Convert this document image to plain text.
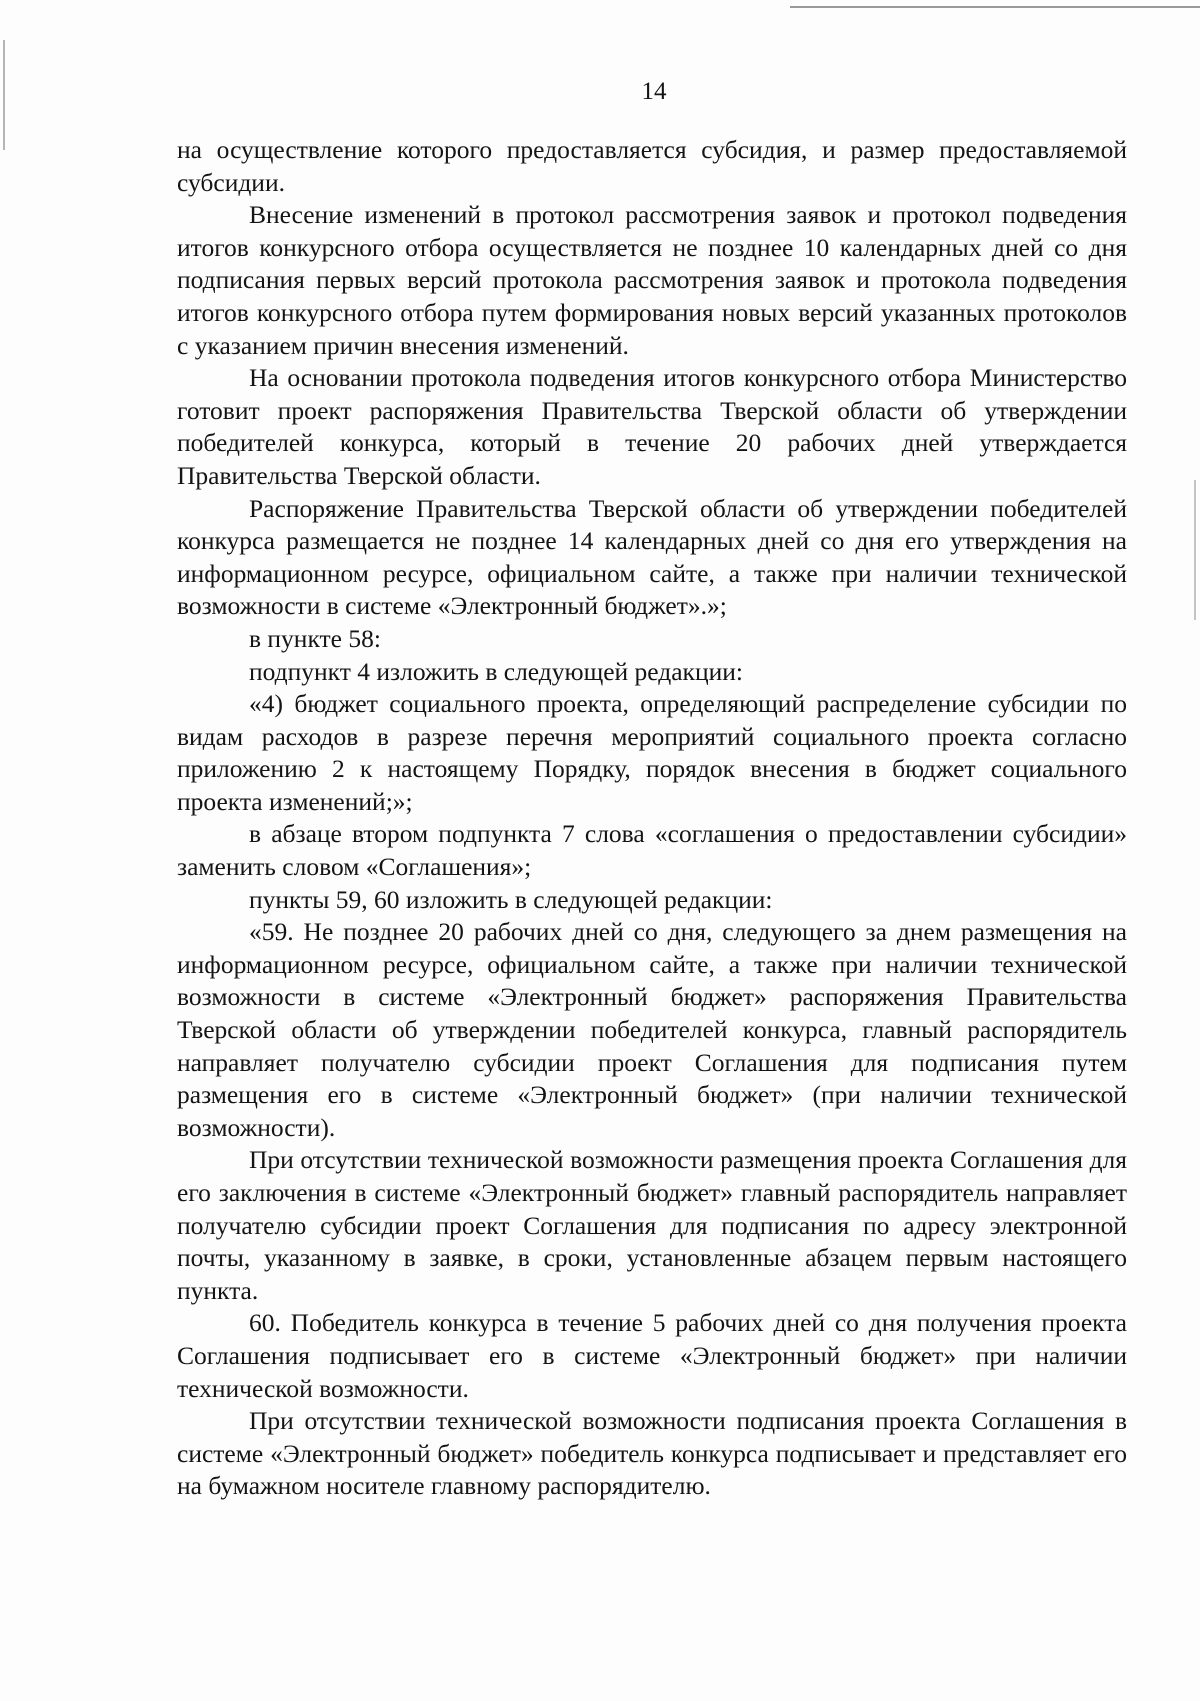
14

на осуществление которого предоставляется субсидия, и размер предоставляемой субсидии.

Внесение изменений в протокол рассмотрения заявок и протокол подведения итогов конкурсного отбора осуществляется не позднее 10 календарных дней со дня подписания первых версий протокола рассмотрения заявок и протокола подведения итогов конкурсного отбора путем формирования новых версий указанных протоколов с указанием причин внесения изменений.

На основании протокола подведения итогов конкурсного отбора Министерство готовит проект распоряжения Правительства Тверской области об утверждении победителей конкурса, который в течение 20 рабочих дней утверждается Правительства Тверской области.

Распоряжение Правительства Тверской области об утверждении победителей конкурса размещается не позднее 14 календарных дней со дня его утверждения на информационном ресурсе, официальном сайте, а также при наличии технической возможности в системе «Электронный бюджет».»;

в пункте 58:

подпункт 4 изложить в следующей редакции:

«4) бюджет социального проекта, определяющий распределение субсидии по видам расходов в разрезе перечня мероприятий социального проекта согласно приложению 2 к настоящему Порядку, порядок внесения в бюджет социального проекта изменений;»;

в абзаце втором подпункта 7 слова «соглашения о предоставлении субсидии» заменить словом «Соглашения»;

пункты 59, 60 изложить в следующей редакции:

«59. Не позднее 20 рабочих дней со дня, следующего за днем размещения на информационном ресурсе, официальном сайте, а также при наличии технической возможности в системе «Электронный бюджет» распоряжения Правительства Тверской области об утверждении победителей конкурса, главный распорядитель направляет получателю субсидии проект Соглашения для подписания путем размещения его в системе «Электронный бюджет» (при наличии технической возможности).

При отсутствии технической возможности размещения проекта Соглашения для его заключения в системе «Электронный бюджет» главный распорядитель направляет получателю субсидии проект Соглашения для подписания по адресу электронной почты, указанному в заявке, в сроки, установленные абзацем первым настоящего пункта.

60. Победитель конкурса в течение 5 рабочих дней со дня получения проекта Соглашения подписывает его в системе «Электронный бюджет» при наличии технической возможности.

При отсутствии технической возможности подписания проекта Соглашения в системе «Электронный бюджет» победитель конкурса подписывает и представляет его на бумажном носителе главному распорядителю.
